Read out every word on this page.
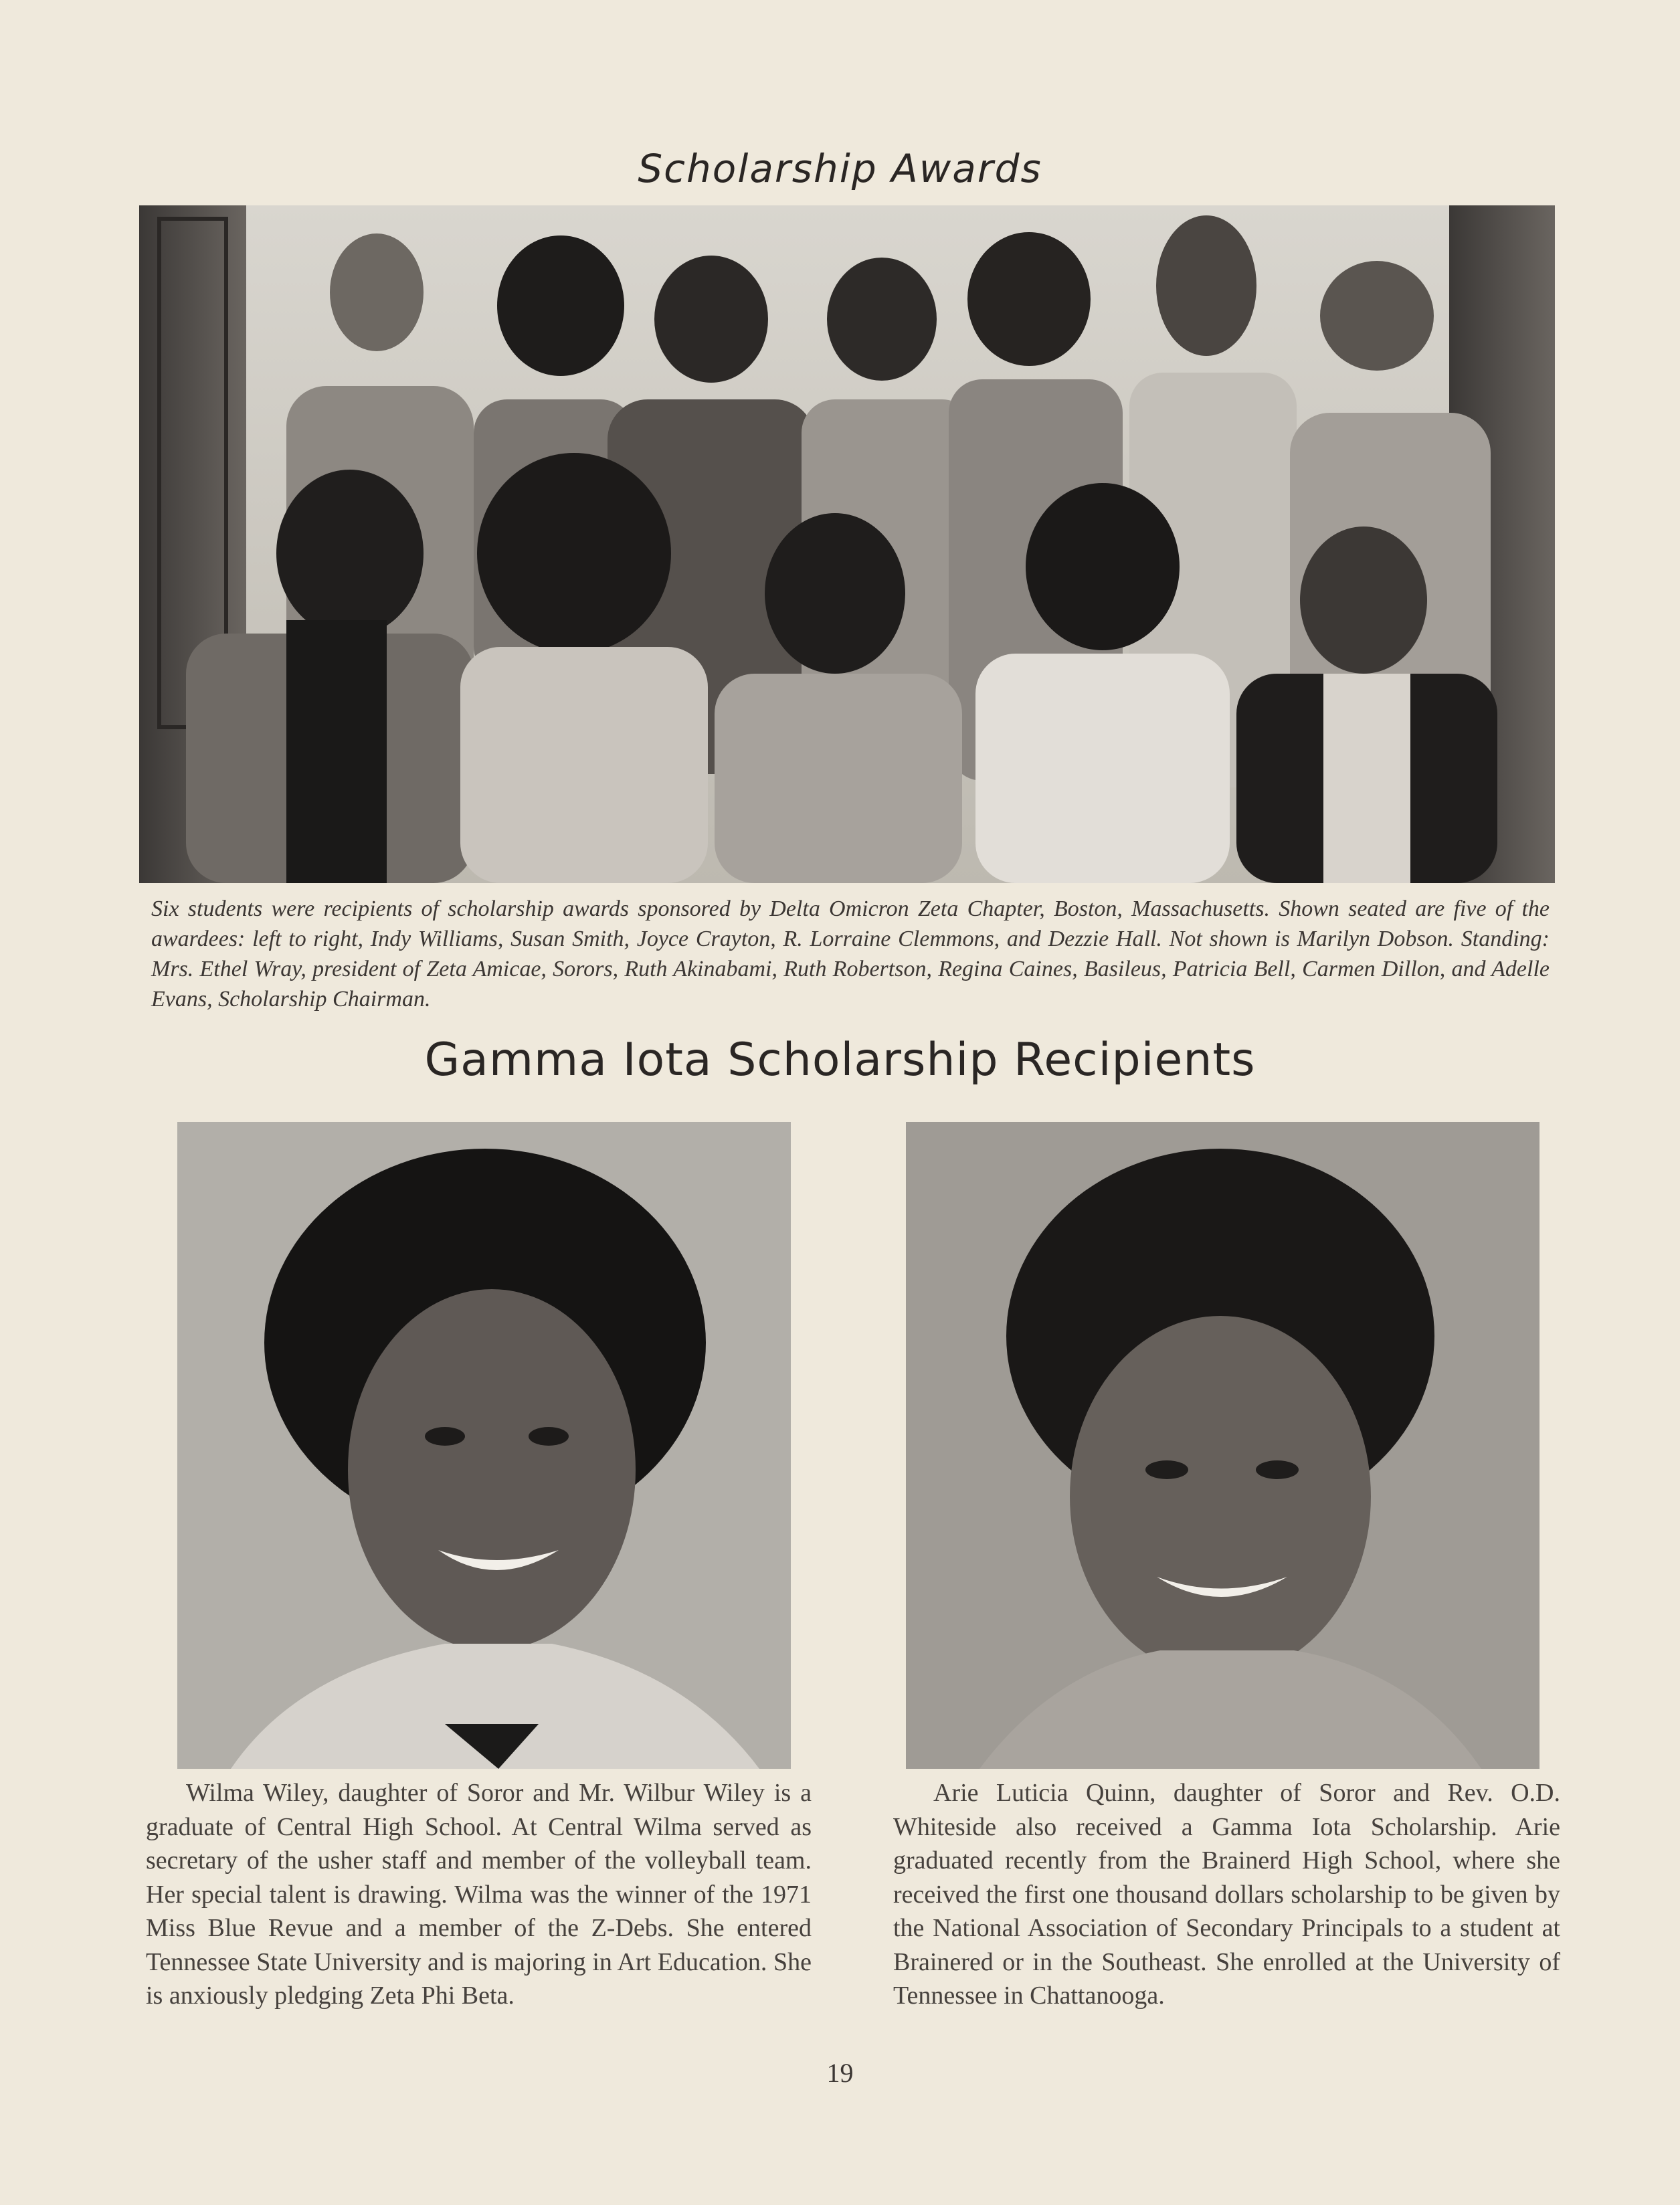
Scholarship Awards

Six students were recipients of scholarship awards sponsored by Delta Omicron Zeta Chapter, Boston, Massachusetts. Shown seated are five of the awardees: left to right, Indy Williams, Susan Smith, Joyce Crayton, R. Lorraine Clemmons, and Dezzie Hall. Not shown is Marilyn Dobson. Standing: Mrs. Ethel Wray, president of Zeta Amicae, Sorors, Ruth Akinabami, Ruth Robertson, Regina Caines, Basileus, Patricia Bell, Carmen Dillon, and Adelle Evans, Scholarship Chairman.

Gamma Iota Scholarship Recipients

Wilma Wiley, daughter of Soror and Mr. Wilbur Wiley is a graduate of Central High School. At Central Wilma served as secretary of the usher staff and member of the volleyball team. Her special talent is drawing. Wilma was the winner of the 1971 Miss Blue Revue and a member of the Z-Debs. She entered Tennessee State University and is majoring in Art Education. She is anxiously pledging Zeta Phi Beta.

Arie Luticia Quinn, daughter of Soror and Rev. O.D. Whiteside also received a Gamma Iota Scholarship. Arie graduated recently from the Brainerd High School, where she received the first one thousand dollars scholarship to be given by the National Association of Secondary Principals to a student at Brainered or in the Southeast. She enrolled at the University of Tennessee in Chattanooga.

19
